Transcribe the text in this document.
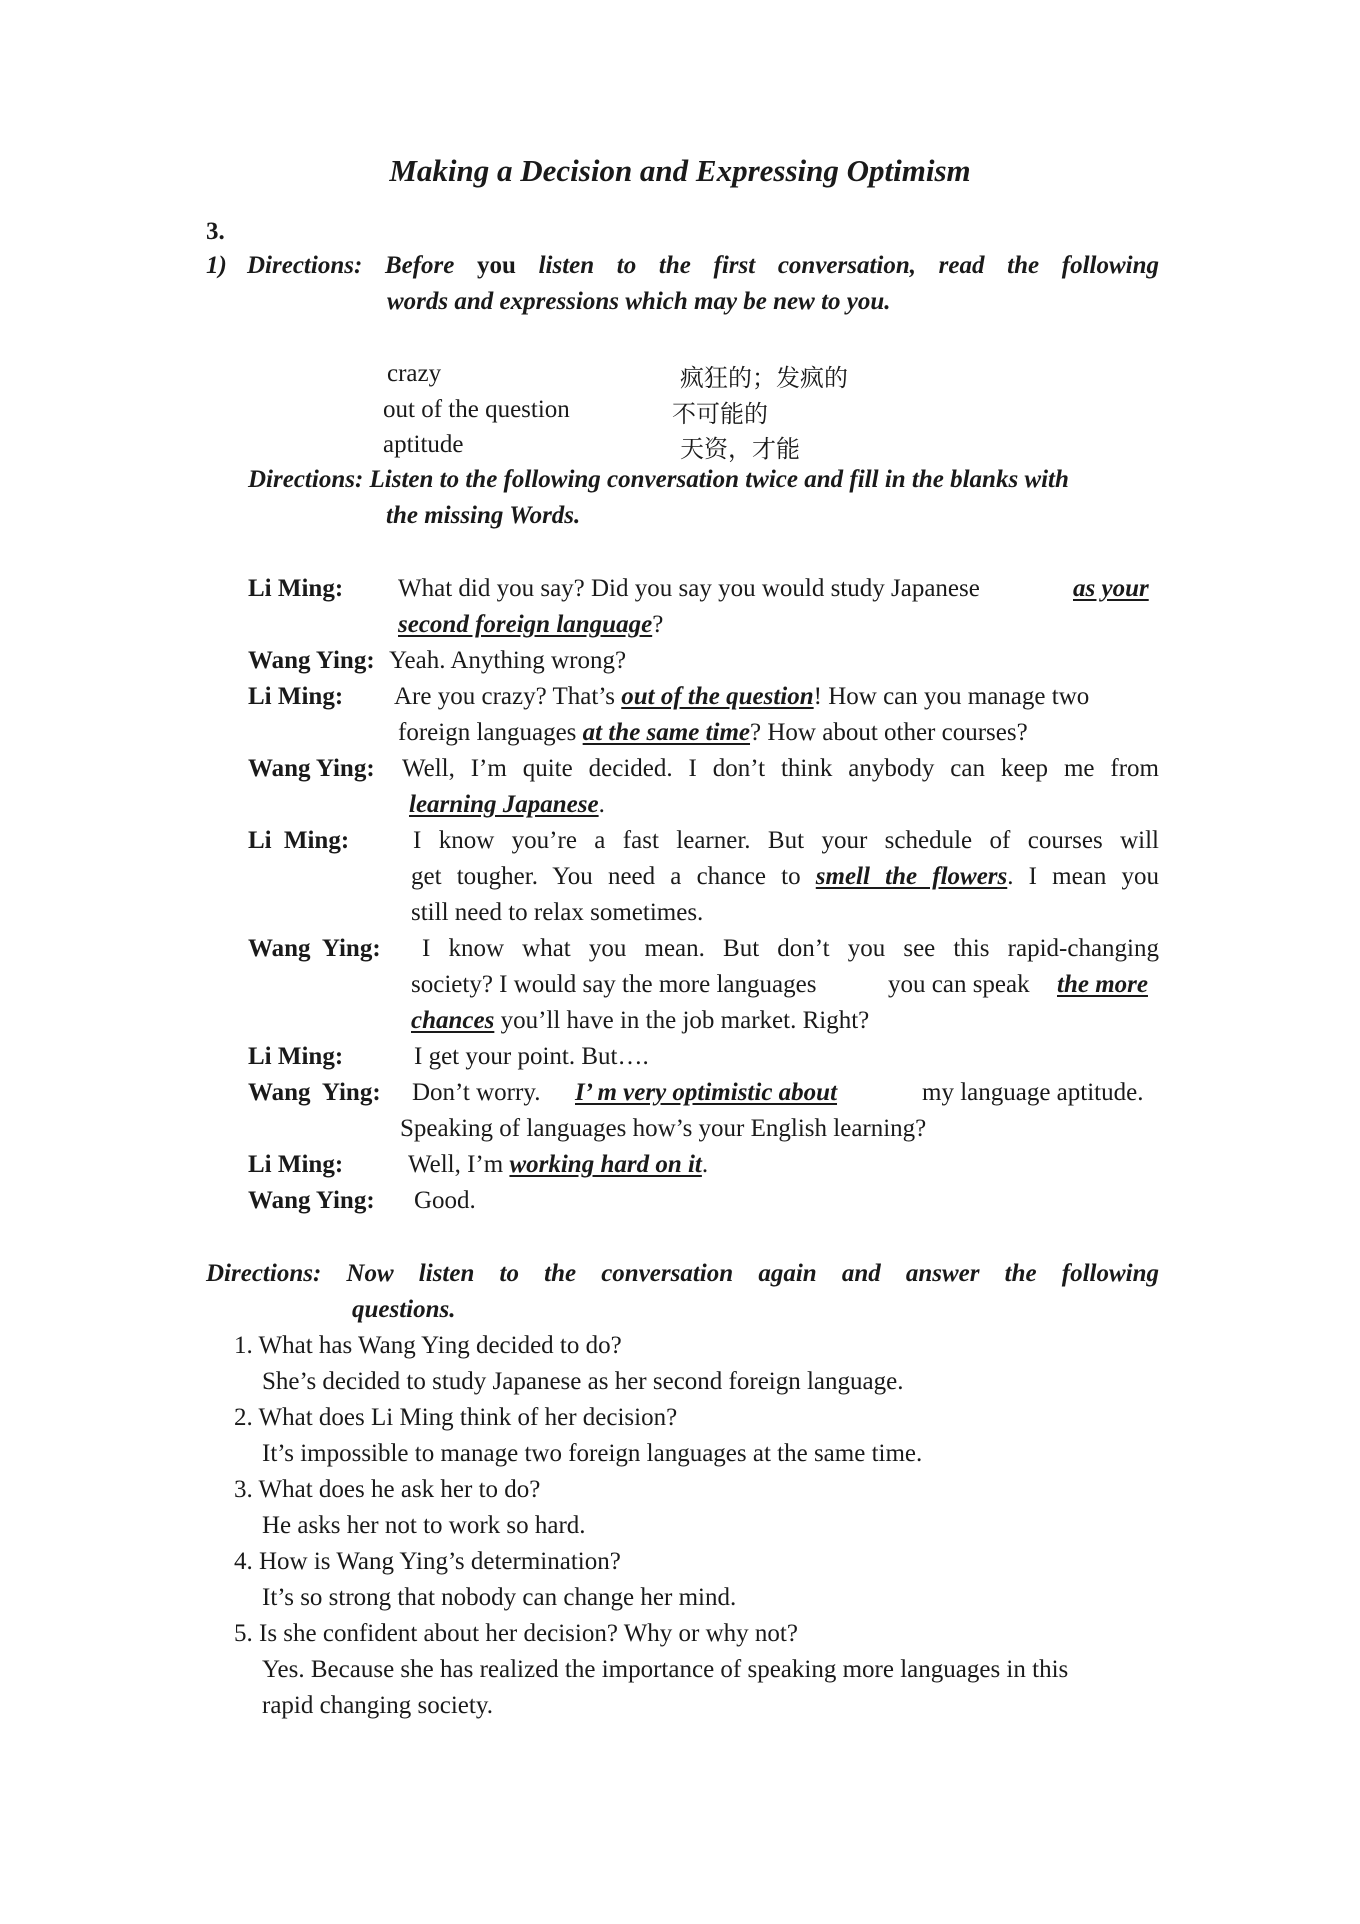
Making a Decision and Expressing Optimism
3.
1) Directions: Before you listen to the first conversation, read the following
words and expressions which may be new to you.
crazy	疯狂的；发疯的
out of the question	不可能的
aptitude	天资，才能
Directions: Listen to the following conversation twice and fill in the blanks with
the missing Words.
Li Ming: What did you say? Did you say you would study Japanese	as your
second foreign language?
Wang Ying: Yeah. Anything wrong?
Li Ming: Are you crazy? That’s out of the question! How can you manage two
foreign languages at the same time? How about other courses?
Wang Ying: Well, I’m quite decided. I don’t think anybody can keep me from
learning Japanese.
Li Ming:	I know you’re a fast learner. But your schedule of courses will
get tougher. You need a chance to smell the flowers. I mean you
still need to relax sometimes.
Wang Ying: I know what you mean. But don’t you see this rapid-changing
society? I would say the more languages	you can speak the more
chances you’ll have in the job market. Right?
Li Ming:	I get your point. But….
Wang Ying: Don’t worry. I’ m very optimistic about	my language aptitude.
Speaking of languages how’s your English learning?
Li Ming:	Well, I’m working hard on it.
Wang Ying: Good.
Directions: Now listen to the conversation again and answer the following
questions.
1. What has Wang Ying decided to do?
She’s decided to study Japanese as her second foreign language.
2. What does Li Ming think of her decision?
It’s impossible to manage two foreign languages at the same time.
3. What does he ask her to do?
He asks her not to work so hard.
4. How is Wang Ying’s determination?
It’s so strong that nobody can change her mind.
5. Is she confident about her decision? Why or why not?
Yes. Because she has realized the importance of speaking more languages in this
rapid changing society.
